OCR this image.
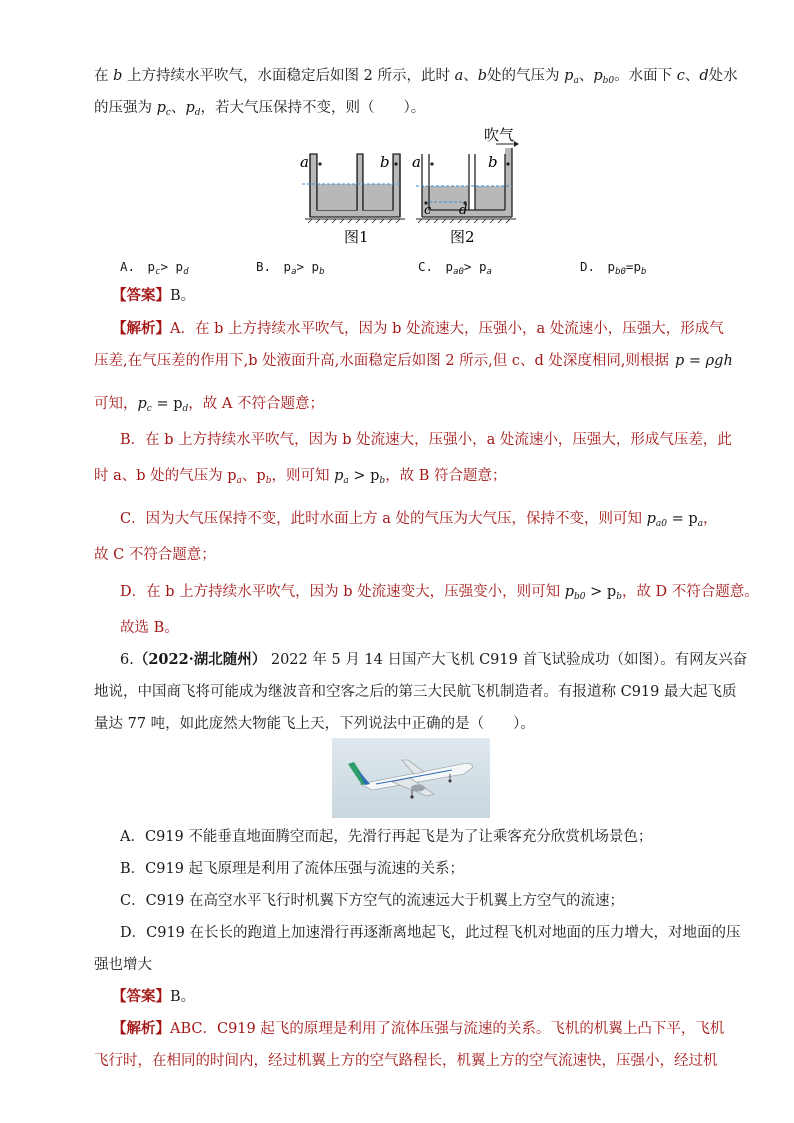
在 b 上方持续水平吹气，水面稳定后如图 2 所示，此时 a、b处的气压为 $p_a$、$p_{b0}$。水面下 c、d处水
的压强为 $p_c$、$p_d$，若大气压保持不变，则（　　）。
a	b a	b
c d
吹气
图1	图2
A.　$p_c> p_d$	B.　$p_a> p_b$	C.　$p_{a0}> p_a$	D.　$p_{b0}=p_b$
【答案】B。
【解析】A．在 b 上方持续水平吹气，因为 b 处流速大，压强小，a 处流速小，压强大，形成气
压差,在气压差的作用下,b 处液面升高,水面稳定后如图 2 所示,但 c、d 处深度相同,则根据 p = ρgh
可知，$p_c = p_d$，故 A 不符合题意；
B．在 b 上方持续水平吹气，因为 b 处流速大，压强小，a 处流速小，压强大，形成气压差，此
时 a、b 处的气压为 $p_a$、$p_b$，则可知 $p_a > p_b$，故 B 符合题意；
C．因为大气压保持不变，此时水面上方 a 处的气压为大气压，保持不变，则可知 $p_{a0} = p_a$，
故 C 不符合题意；
D．在 b 上方持续水平吹气，因为 b 处流速变大，压强变小，则可知 $p_{b0} > p_b$，故 D 不符合题意。
故选 B。
6.（2022·湖北随州） 2022 年 5 月 14 日国产大飞机 C919 首飞试验成功（如图）。有网友兴奋
地说，中国商飞将可能成为继波音和空客之后的第三大民航飞机制造者。有报道称 C919 最大起飞质
量达 77 吨，如此庞然大物能飞上天，下列说法中正确的是（　　）。
A．C919 不能垂直地面腾空而起，先滑行再起飞是为了让乘客充分欣赏机场景色；
B．C919 起飞原理是利用了流体压强与流速的关系；
C．C919 在高空水平飞行时机翼下方空气的流速远大于机翼上方空气的流速；
D．C919 在长长的跑道上加速滑行再逐渐离地起飞，此过程飞机对地面的压力增大，对地面的压
强也增大
【答案】B。
【解析】ABC．C919 起飞的原理是利用了流体压强与流速的关系。飞机的机翼上凸下平，飞机
飞行时，在相同的时间内，经过机翼上方的空气路程长，机翼上方的空气流速快，压强小，经过机
